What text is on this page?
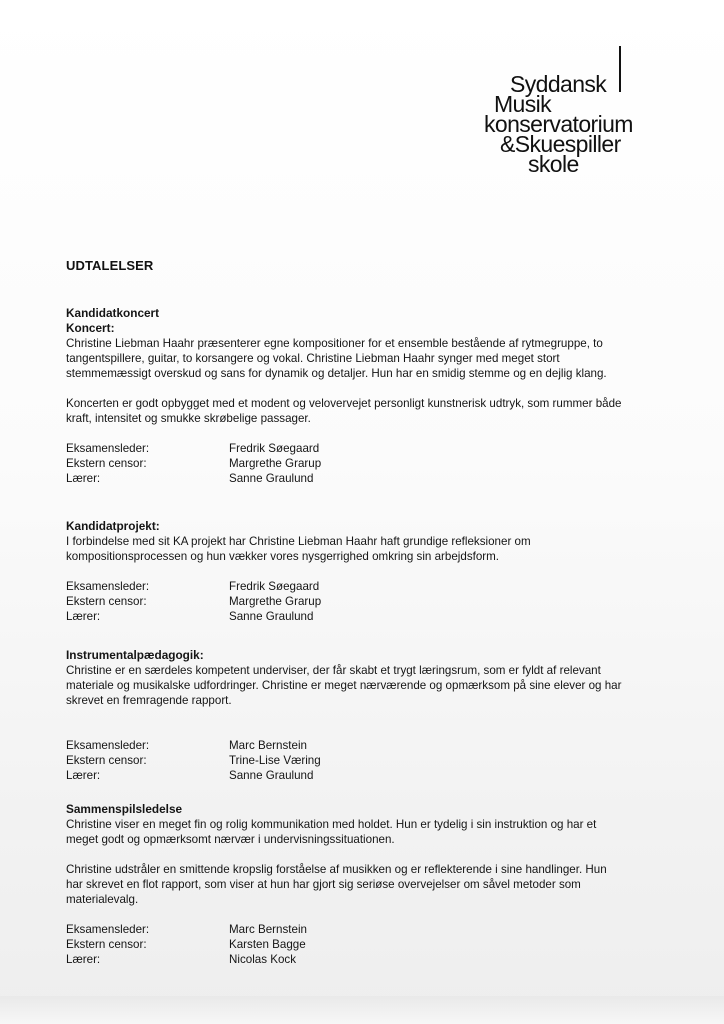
Syddansk
Musik
konservatorium
&Skuespiller
skole
UDTALELSER
Kandidatkoncert
Koncert:

Christine Liebman Haahr præsenterer egne kompositioner for et ensemble bestående af rytmegruppe, to tangentspillere, guitar, to korsangere og vokal. Christine Liebman Haahr synger med meget stort stemmemæssigt overskud og sans for dynamik og detaljer. Hun har en smidig stemme og en dejlig klang.

Koncerten er godt opbygget med et modent og velovervejet personligt kunstnerisk udtryk, som rummer både kraft, intensitet og smukke skrøbelige passager.

Eksamensleder:	Fredrik Søegaard
Ekstern censor:	Margrethe Grarup
Lærer:	Sanne Graulund
Kandidatprojekt:

I forbindelse med sit KA projekt har Christine Liebman Haahr haft grundige refleksioner om kompositionsprocessen og hun vækker vores nysgerrighed omkring sin arbejdsform.

Eksamensleder:	Fredrik Søegaard
Ekstern censor:	Margrethe Grarup
Lærer:	Sanne Graulund
Instrumentalpædagogik:

Christine er en særdeles kompetent underviser, der får skabt et trygt læringsrum, som er fyldt af relevant materiale og musikalske udfordringer. Christine er meget nærværende og opmærksom på sine elever og har skrevet en fremragende rapport.

Eksamensleder:	Marc Bernstein
Ekstern censor:	Trine-Lise Væring
Lærer:	Sanne Graulund
Sammenspilsledelse

Christine viser en meget fin og rolig kommunikation med holdet. Hun er tydelig i sin instruktion og har et meget godt og opmærksomt nærvær i undervisningssituationen.

Christine udstråler en smittende kropslig forståelse af musikken og er reflekterende i sine handlinger. Hun har skrevet en flot rapport, som viser at hun har gjort sig seriøse overvejelser om såvel metoder som materialevalg.

Eksamensleder:	Marc Bernstein
Ekstern censor:	Karsten Bagge
Lærer:	Nicolas Kock
